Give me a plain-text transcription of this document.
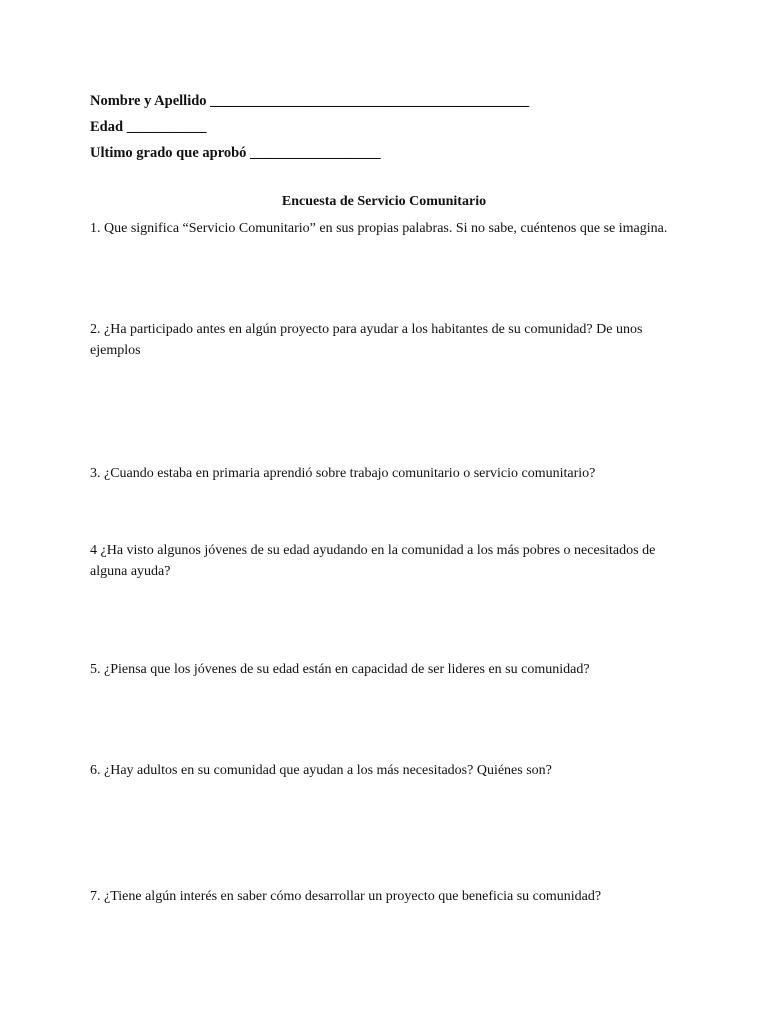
Nombre y Apellido ____________________________________________
Edad ___________
Ultimo grado que aprobó __________________
Encuesta de Servicio Comunitario
1. Que significa “Servicio Comunitario” en sus propias palabras. Si no sabe, cuéntenos que se imagina.
2. ¿Ha participado antes en algún proyecto para ayudar a los habitantes de su comunidad? De unos ejemplos
3. ¿Cuando estaba en primaria aprendió sobre trabajo comunitario o servicio comunitario?
4 ¿Ha visto algunos jóvenes de su edad ayudando en la comunidad a los más pobres o necesitados de alguna ayuda?
5. ¿Piensa que los jóvenes de su edad están en capacidad de ser lideres en su comunidad?
6. ¿Hay adultos en su comunidad que ayudan a los más necesitados? Quiénes son?
7. ¿Tiene algún interés en saber cómo desarrollar un proyecto que beneficia su comunidad?
